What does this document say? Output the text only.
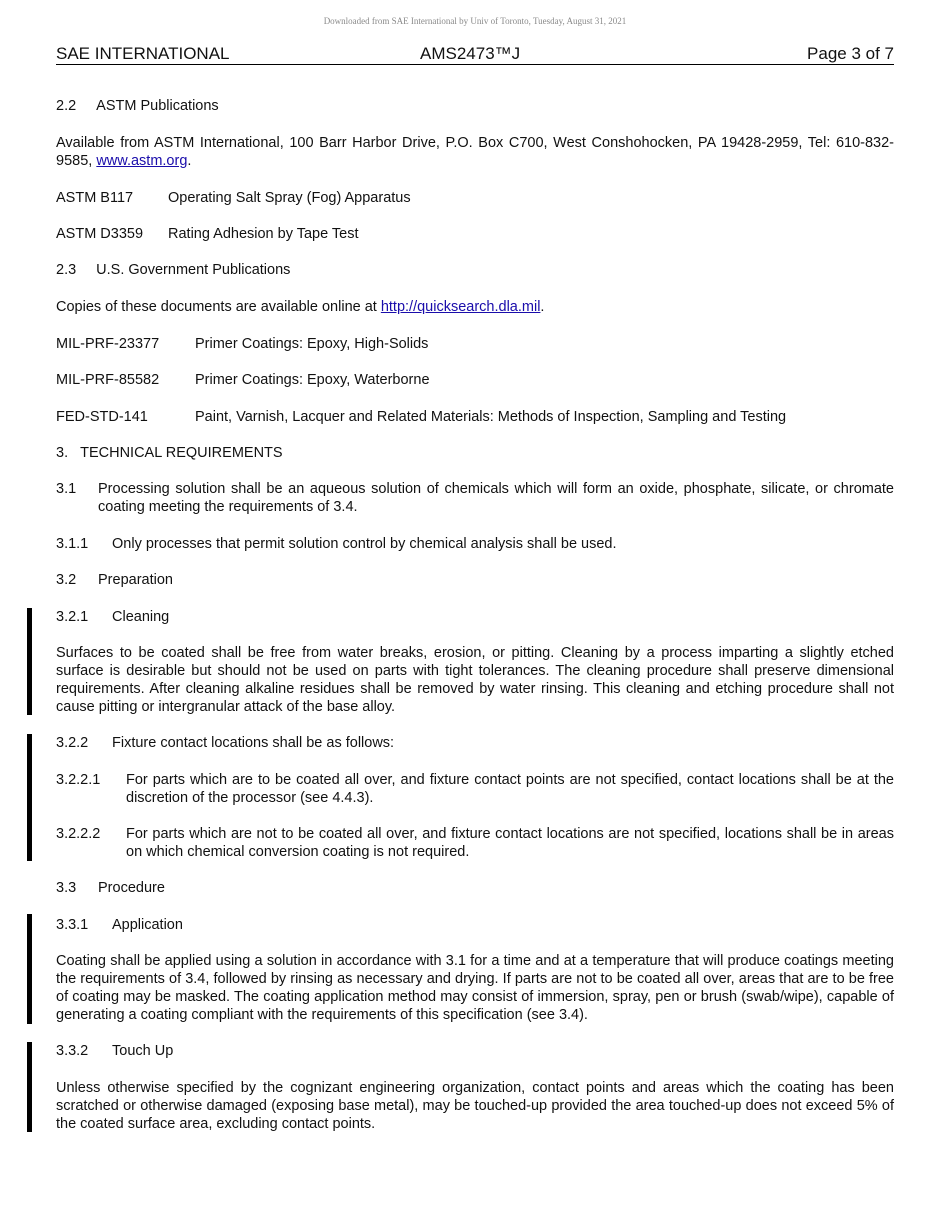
Downloaded from SAE International by Univ of Toronto, Tuesday, August 31, 2021
SAE INTERNATIONAL	AMS2473™J	Page 3 of 7
2.2 ASTM Publications
Available from ASTM International, 100 Barr Harbor Drive, P.O. Box C700, West Conshohocken, PA 19428-2959, Tel: 610-832-9585, www.astm.org.
ASTM B117 Operating Salt Spray (Fog) Apparatus
ASTM D3359 Rating Adhesion by Tape Test
2.3 U.S. Government Publications
Copies of these documents are available online at http://quicksearch.dla.mil.
MIL-PRF-23377 Primer Coatings: Epoxy, High-Solids
MIL-PRF-85582 Primer Coatings: Epoxy, Waterborne
FED-STD-141	Paint, Varnish, Lacquer and Related Materials: Methods of Inspection, Sampling and Testing
3. TECHNICAL REQUIREMENTS
3.1 Processing solution shall be an aqueous solution of chemicals which will form an oxide, phosphate, silicate, or chromate coating meeting the requirements of 3.4.
3.1.1 Only processes that permit solution control by chemical analysis shall be used.
3.2 Preparation
3.2.1 Cleaning
Surfaces to be coated shall be free from water breaks, erosion, or pitting. Cleaning by a process imparting a slightly etched surface is desirable but should not be used on parts with tight tolerances. The cleaning procedure shall preserve dimensional requirements. After cleaning alkaline residues shall be removed by water rinsing. This cleaning and etching procedure shall not cause pitting or intergranular attack of the base alloy.
3.2.2 Fixture contact locations shall be as follows:
3.2.2.1 For parts which are to be coated all over, and fixture contact points are not specified, contact locations shall be at the discretion of the processor (see 4.4.3).
3.2.2.2 For parts which are not to be coated all over, and fixture contact locations are not specified, locations shall be in areas on which chemical conversion coating is not required.
3.3 Procedure
3.3.1 Application
Coating shall be applied using a solution in accordance with 3.1 for a time and at a temperature that will produce coatings meeting the requirements of 3.4, followed by rinsing as necessary and drying. If parts are not to be coated all over, areas that are to be free of coating may be masked. The coating application method may consist of immersion, spray, pen or brush (swab/wipe), capable of generating a coating compliant with the requirements of this specification (see 3.4).
3.3.2 Touch Up
Unless otherwise specified by the cognizant engineering organization, contact points and areas which the coating has been scratched or otherwise damaged (exposing base metal), may be touched-up provided the area touched-up does not exceed 5% of the coated surface area, excluding contact points.
